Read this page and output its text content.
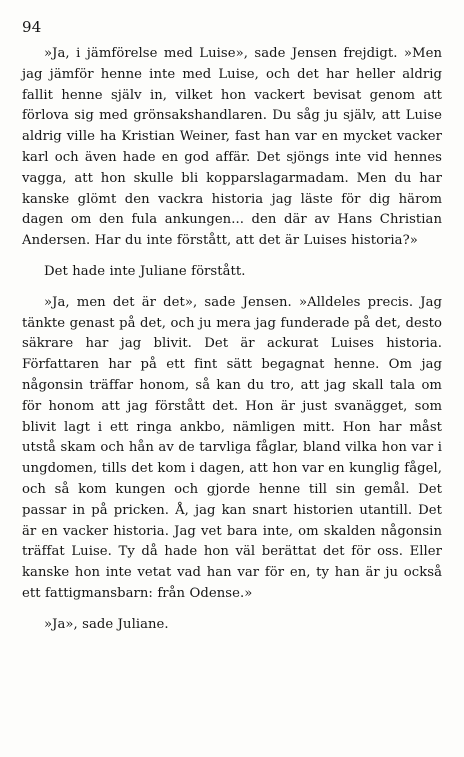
94

»Ja, i jämförelse med Luise», sade Jensen frejdigt. »Men jag jämför henne inte med Luise, och det har heller aldrig fallit henne själv in, vilket hon vackert bevisat genom att förlova sig med grönsakshandlaren. Du såg ju själv, att Luise aldrig ville ha Kristian Weiner, fast han var en mycket vacker karl och även hade en god affär. Det sjöngs inte vid hennes vagga, att hon skulle bli kopparslagarmadam. Men du har kanske glömt den vackra historia jag läste för dig härom dagen om den fula ankungen... den där av Hans Christian Andersen. Har du inte förstått, att det är Luises historia?»

Det hade inte Juliane förstått.

»Ja, men det är det», sade Jensen. »Alldeles precis. Jag tänkte genast på det, och ju mera jag funderade på det, desto säkrare har jag blivit. Det är ackurat Luises historia. Författaren har på ett fint sätt begagnat henne. Om jag någonsin träffar honom, så kan du tro, att jag skall tala om för honom att jag förstått det. Hon är just svanägget, som blivit lagt i ett ringa ankbo, nämligen mitt. Hon har måst utstå skam och hån av de tarvliga fåglar, bland vilka hon var i ungdomen, tills det kom i dagen, att hon var en kunglig fågel, och så kom kungen och gjorde henne till sin gemål. Det passar in på pricken. Å, jag kan snart historien utantill. Det är en vacker historia. Jag vet bara inte, om skalden någonsin träffat Luise. Ty då hade hon väl berättat det för oss. Eller kanske hon inte vetat vad han var för en, ty han är ju också ett fattigmansbarn: från Odense.»

»Ja», sade Juliane.
